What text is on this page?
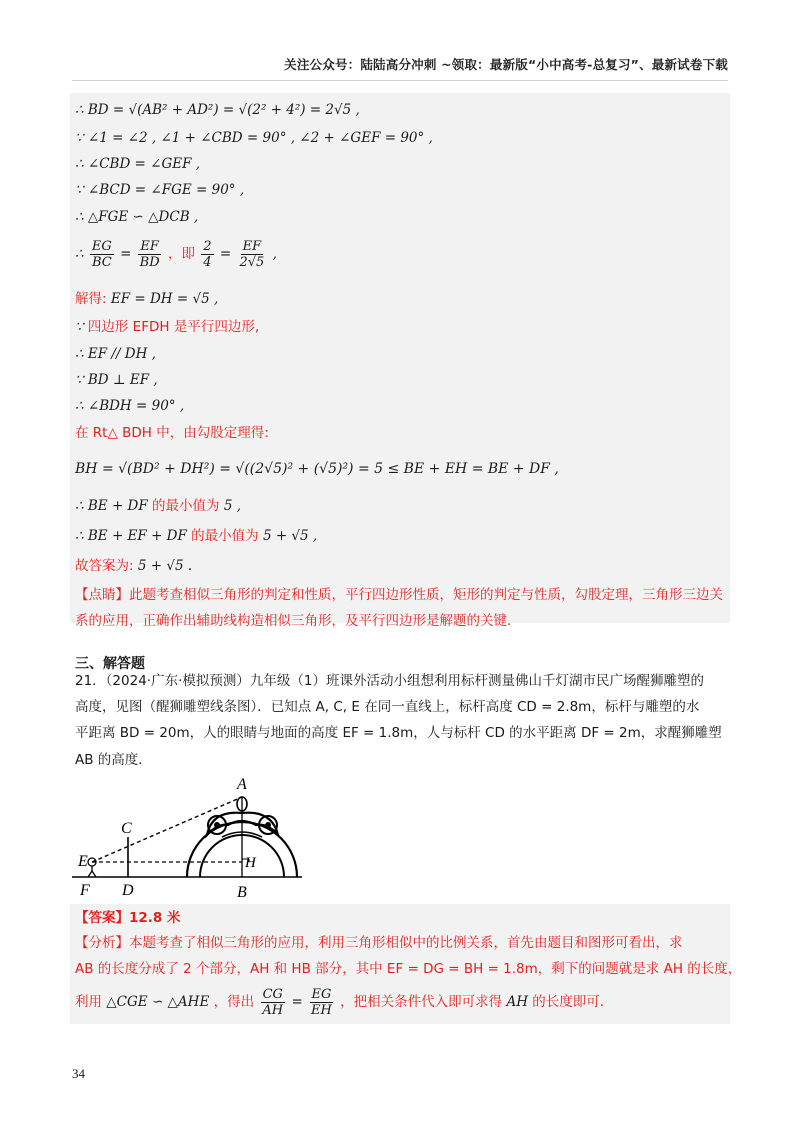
关注公众号：陆陆高分冲刺 ~领取：最新版“小中高考-总复习”、最新试卷下载
∴ BD = √(AB² + AD²) = √(2² + 4²) = 2√5 ,
∵ ∠1 = ∠2 , ∠1 + ∠CBD = 90° , ∠2 + ∠GEF = 90° ,
∴ ∠CBD = ∠GEF ,
∵ ∠BCD = ∠FGE = 90° ,
∴ △FGE ∽ △DCB ,
∴ $\frac{EG}{BC} = \frac{EF}{BD}$ ，即 $\frac{2}{4} = \frac{EF}{2√5}$ ,
解得: EF = DH = √5 ,
∵ 四边形 EFDH 是平行四边形,
∴ EF // DH ,
∵ BD ⊥ EF ,
∴ ∠BDH = 90° ,
在 Rt△ BDH 中，由勾股定理得:
BH = √(BD² + DH²) = √((2√5)² + (√5)²) = 5 ≤ BE + EH = BE + DF ,
∴ BE + DF 的最小值为 5 ,
∴ BE + EF + DF 的最小值为 5 + √5 ,
故答案为: 5 + √5 .
【点睛】此题考查相似三角形的判定和性质，平行四边形性质，矩形的判定与性质，勾股定理，三角形三边关系的应用，正确作出辅助线构造相似三角形，及平行四边形是解题的关键．
三、解答题
21．（2024·广东·模拟预测）九年级（1）班课外活动小组想利用标杆测量佛山千灯湖市民广场醒狮雕塑的
高度，见图（醒狮雕塑线条图）．已知点 A, C, E 在同一直线上，标杆高度 CD = 2.8m，标杆与雕塑的水
平距离 BD = 20m，人的眼睛与地面的高度 EF = 1.8m，人与标杆 CD 的水平距离 DF = 2m，求醒狮雕塑
AB 的高度．
A
C
E	H
F D	B
【答案】12.8 米
【分析】本题考查了相似三角形的应用，利用三角形相似中的比例关系，首先由题目和图形可看出，求
AB 的长度分成了 2 个部分，AH 和 HB 部分，其中 EF = DG = BH = 1.8m，剩下的问题就是求 AH 的长度，
利用 △CGE ∽ △AHE ，得出 $\frac{CG}{AH} = \frac{EG}{EH}$ ，把相关条件代入即可求得 AH 的长度即可．
34
